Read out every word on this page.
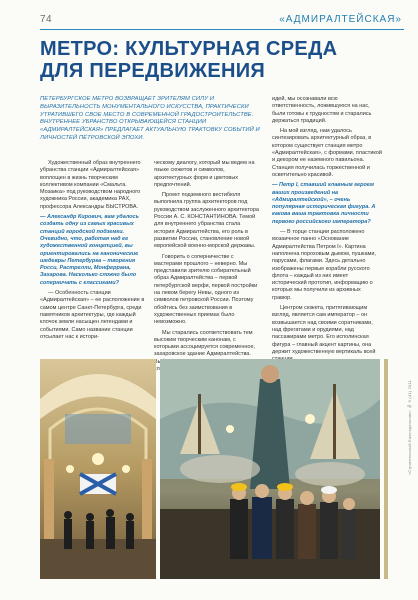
74	«АДМИРАЛТЕЙСКАЯ»
МЕТРО: КУЛЬТУРНАЯ СРЕДА
ДЛЯ ПЕРЕДВИЖЕНИЯ
ПЕТЕРБУРГСКОЕ МЕТРО ВОЗВРАЩАЕТ ЗРИТЕЛЯМ СИЛУ И ВЫРАЗИТЕЛЬНОСТЬ МОНУМЕНТАЛЬНОГО ИСКУССТВА, ПРАКТИЧЕСКИ УТРАТИВШЕГО СВОЕ МЕСТО В СОВРЕМЕННОЙ ГРАДОСТРОИТЕЛЬСТВЕ. ВНУТРЕННЕЕ УБРАНСТВО ОТКРЫВАЮЩЕЙСЯ СТАНЦИИ «АДМИРАЛТЕЙСКАЯ» ПРЕДЛАГАЕТ АКТУАЛЬНУЮ ТРАКТОВКУ СОБЫТИЙ И ЛИЧНОСТЕЙ ПЕТРОВСКОЙ ЭПОХИ.

Художественный образ внутреннего убранства станции «Адмиралтейская» воплощен в жизнь творческим коллективом компании «Смальта. Мозаика» под руководством народного художника России, академика РАХ, профессора Александры БЫСТРОВА.

— Александр Кирович, вам удалось создать одну из самых красивых станций городской подземки. Очевидно, что, работая над ее художественной концепцией, вы ориентировались на канонические шедевры Петербурга – творения Росси, Растрелли, Монферрана, Захарова. Насколько сложно было соперничать с классиками?

— Особенность станции «Адмиралтейская» – ее расположение в самом центре Санкт-Петербурга, среди памятников архитектуры, где каждый клочок земли насыщен легендами и событиями. Само название станции отсылает нас к истори-

ческому диалогу, который мы ведем на языке сюжетов и символов, архитектурных форм и цветовых предпочтений.

Проект подземного вестибюля выполнила группа архитекторов под руководством заслуженного архитектора России А. С. КОНСТАНТИНОВА. Темой для внутреннего убранства стала история Адмиралтейства, его роль в развитии России, становление новой европейской военно-морской державы.

Говорить о соперничестве с мастерами прошлого – неверно. Мы представили зрителю собирательный образ Адмиралтейства – первой петербургской верфи, первой постройки на левом берегу Невы, одного из символов петровской России. Поэтому обойтись без заимствования в художественных приемах было невозможно.

Мы старались соответствовать тем высоким творческим канонам, с которыми ассоциируется современное, захаровское здание Адмиралтейства.

идей, мы осознавали всю ответственность, ложившуюся на нас, были готовы к трудностям и старались держаться традиций.

На мой взгляд, нам удалось синтезировать архитектурный образ, в котором существует станция метро «Адмиралтейская», с формами, пластикой и декором ее наземного павильона. Станция получилась торжественной и осветительно красивой.

— Петр I, ставший главным героем ваших произведений на «Адмиралтейской», – очень популярная историческая фигура. А какова ваша трактовка личности первого российского императора?

— В торце станции расположено мозаичное панно «Основание Адмиралтейства Петром I». Картина наполнена пороховым дымом, пушками, парусами, флагами. Здесь детально изображены первые корабли русского флота – каждый из них имеет исторический прототип, информацию о которых мы получили из архивных гравюр.

Центром сюжета, притягивающим взгляд, является сам император – он возвышается над своими соратниками, над фрегатами и орудиями, над пассажирами метро. Его исполинская фигура – главный акцент картины, она держит художественную вертикаль всей

«Строительный Еженедельник» № 6 (41) 2011
